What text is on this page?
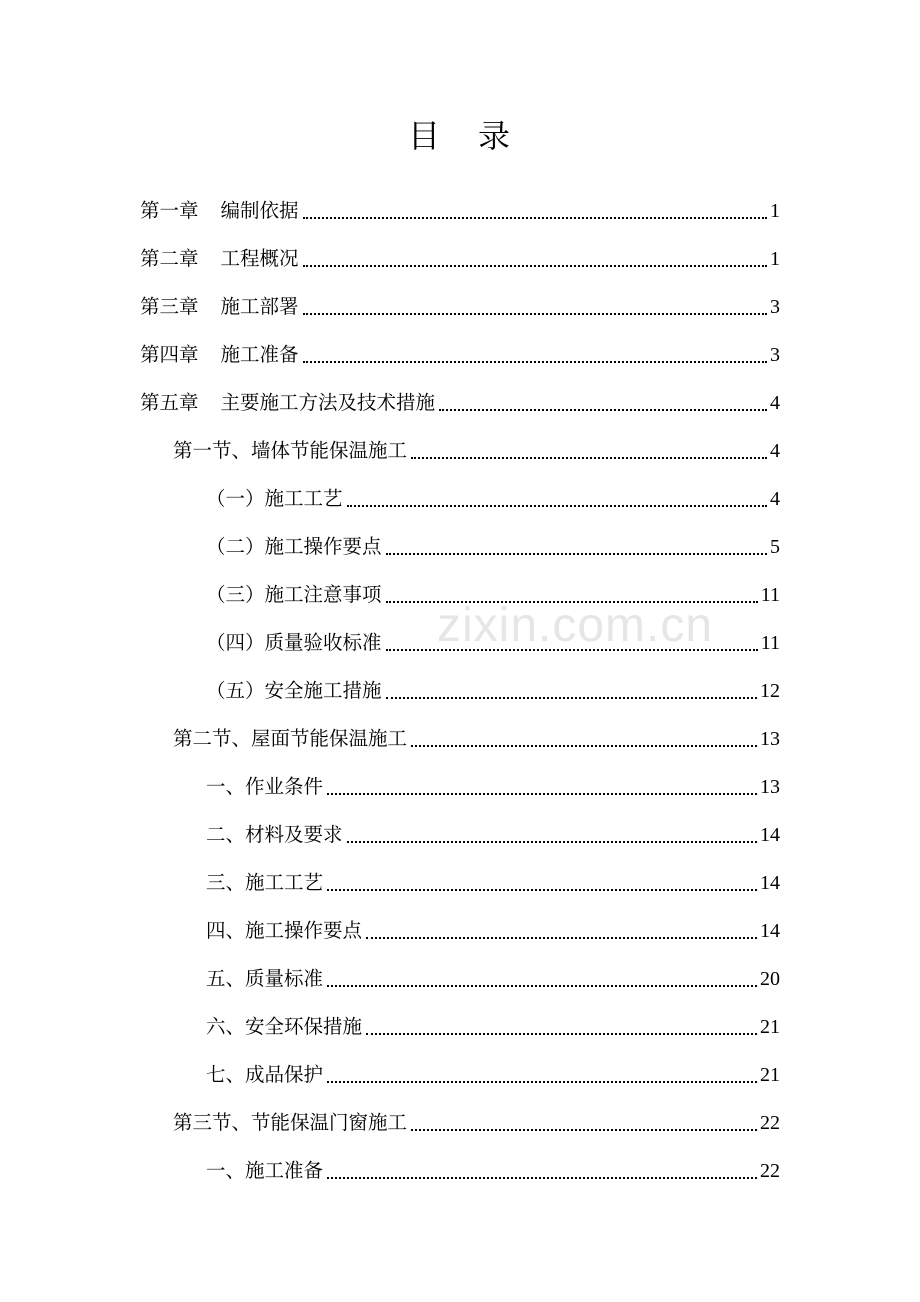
目 录
第一章 编制依据	1
第二章 工程概况	1
第三章 施工部署	3
第四章 施工准备	3
第五章 主要施工方法及技术措施	4
第一节、墙体节能保温施工	4
（一）施工工艺	4
（二）施工操作要点	5
（三）施工注意事项	11
（四）质量验收标准	11
（五）安全施工措施	12
第二节、屋面节能保温施工	13
一、作业条件	13
二、材料及要求	14
三、施工工艺	14
四、施工操作要点	14
五、质量标准	20
六、安全环保措施	21
七、成品保护	21
第三节、节能保温门窗施工	22
一、施工准备	22
zixin.com.cn
